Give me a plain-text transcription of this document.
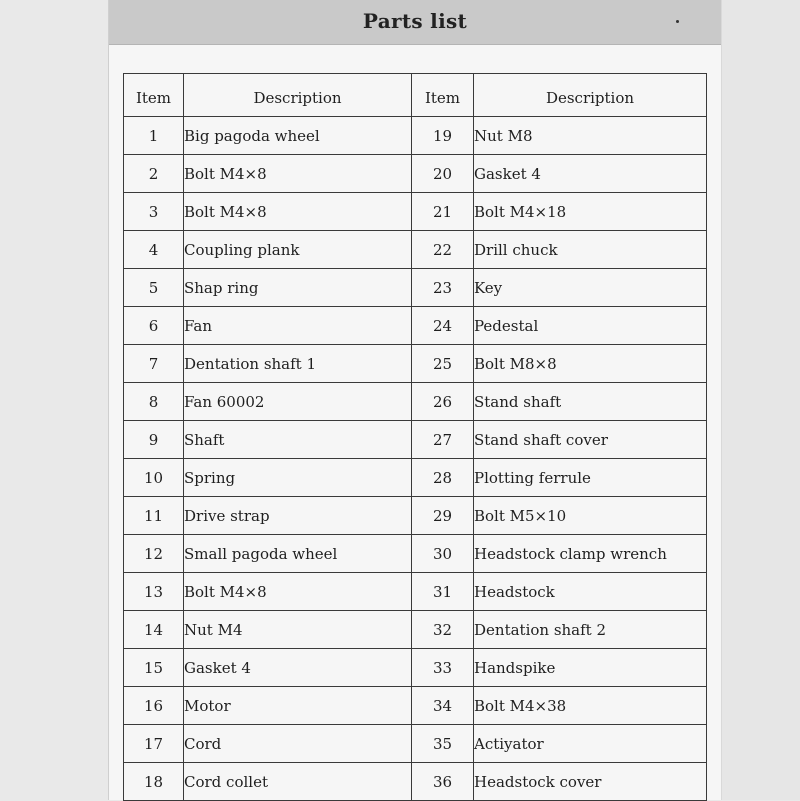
Parts list
Item	Description	Item	Description
1	Big pagoda wheel	19	Nut M8
2	Bolt M4×8	20	Gasket 4
3	Bolt M4×8	21	Bolt M4×18
4	Coupling plank	22	Drill chuck
5	Shap ring	23	Key
6	Fan	24	Pedestal
7	Dentation shaft 1	25	Bolt M8×8
8	Fan 60002	26	Stand shaft
9	Shaft	27	Stand shaft cover
10	Spring	28	Plotting ferrule
11	Drive strap	29	Bolt M5×10
12	Small pagoda wheel	30	Headstock clamp wrench
13	Bolt M4×8	31	Headstock
14	Nut M4	32	Dentation shaft 2
15	Gasket 4	33	Handspike
16	Motor	34	Bolt M4×38
17	Cord	35	Actiyator
18	Cord collet	36	Headstock cover
